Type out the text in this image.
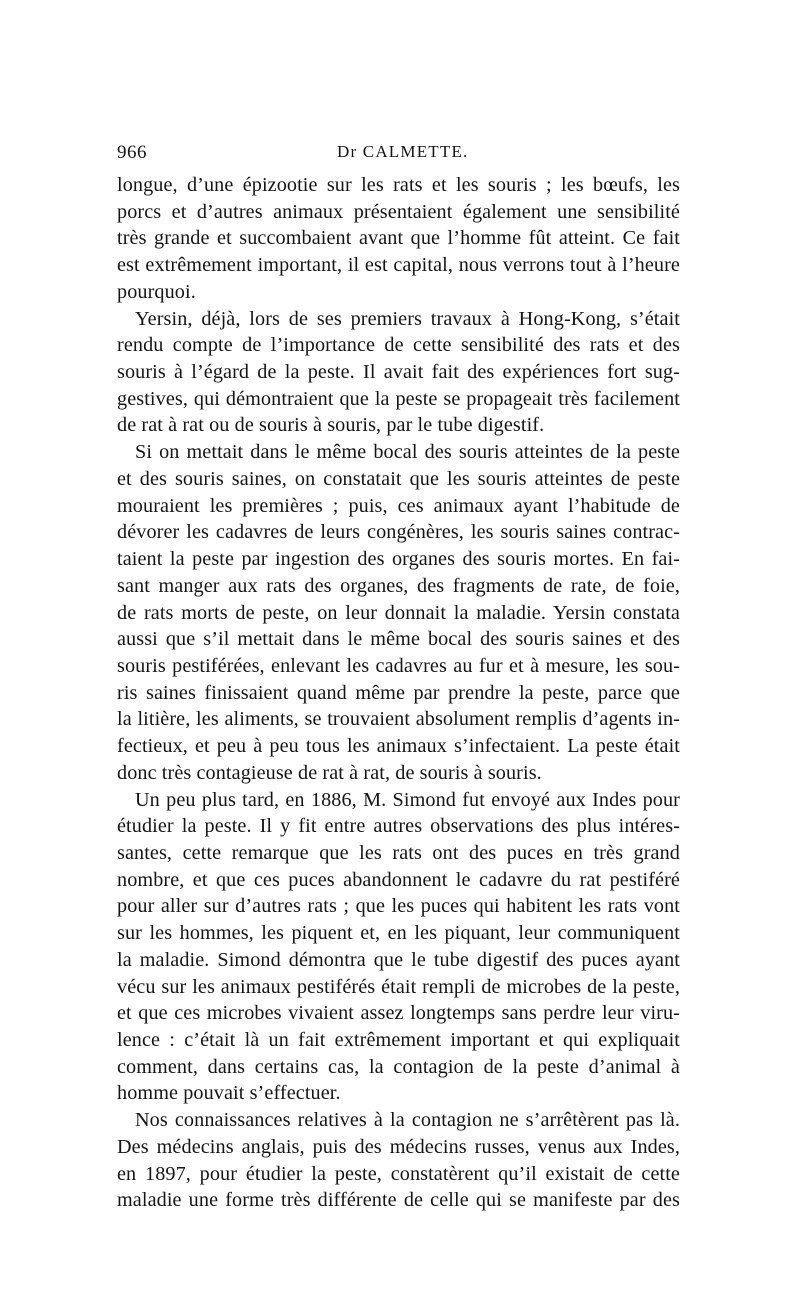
966	Dr CALMETTE.
longue, d’une épizootie sur les rats et les souris ; les bœufs, les
porcs et d’autres animaux présentaient également une sensibilité
très grande et succombaient avant que l’homme fût atteint. Ce fait
est extrêmement important, il est capital, nous verrons tout à l’heure
pourquoi.
Yersin, déjà, lors de ses premiers travaux à Hong-Kong, s’était
rendu compte de l’importance de cette sensibilité des rats et des
souris à l’égard de la peste. Il avait fait des expériences fort sug-
gestives, qui démontraient que la peste se propageait très facilement
de rat à rat ou de souris à souris, par le tube digestif.
Si on mettait dans le même bocal des souris atteintes de la peste
et des souris saines, on constatait que les souris atteintes de peste
mouraient les premières ; puis, ces animaux ayant l’habitude de
dévorer les cadavres de leurs congénères, les souris saines contrac-
taient la peste par ingestion des organes des souris mortes. En fai-
sant manger aux rats des organes, des fragments de rate, de foie,
de rats morts de peste, on leur donnait la maladie. Yersin constata
aussi que s’il mettait dans le même bocal des souris saines et des
souris pestiférées, enlevant les cadavres au fur et à mesure, les sou-
ris saines finissaient quand même par prendre la peste, parce que
la litière, les aliments, se trouvaient absolument remplis d’agents in-
fectieux, et peu à peu tous les animaux s’infectaient. La peste était
donc très contagieuse de rat à rat, de souris à souris.
Un peu plus tard, en 1886, M. Simond fut envoyé aux Indes pour
étudier la peste. Il y fit entre autres observations des plus intéres-
santes, cette remarque que les rats ont des puces en très grand
nombre, et que ces puces abandonnent le cadavre du rat pestiféré
pour aller sur d’autres rats ; que les puces qui habitent les rats vont
sur les hommes, les piquent et, en les piquant, leur communiquent
la maladie. Simond démontra que le tube digestif des puces ayant
vécu sur les animaux pestiférés était rempli de microbes de la peste,
et que ces microbes vivaient assez longtemps sans perdre leur viru-
lence : c’était là un fait extrêmement important et qui expliquait
comment, dans certains cas, la contagion de la peste d’animal à
homme pouvait s’effectuer.
Nos connaissances relatives à la contagion ne s’arrêtèrent pas là.
Des médecins anglais, puis des médecins russes, venus aux Indes,
en 1897, pour étudier la peste, constatèrent qu’il existait de cette
maladie une forme très différente de celle qui se manifeste par des
